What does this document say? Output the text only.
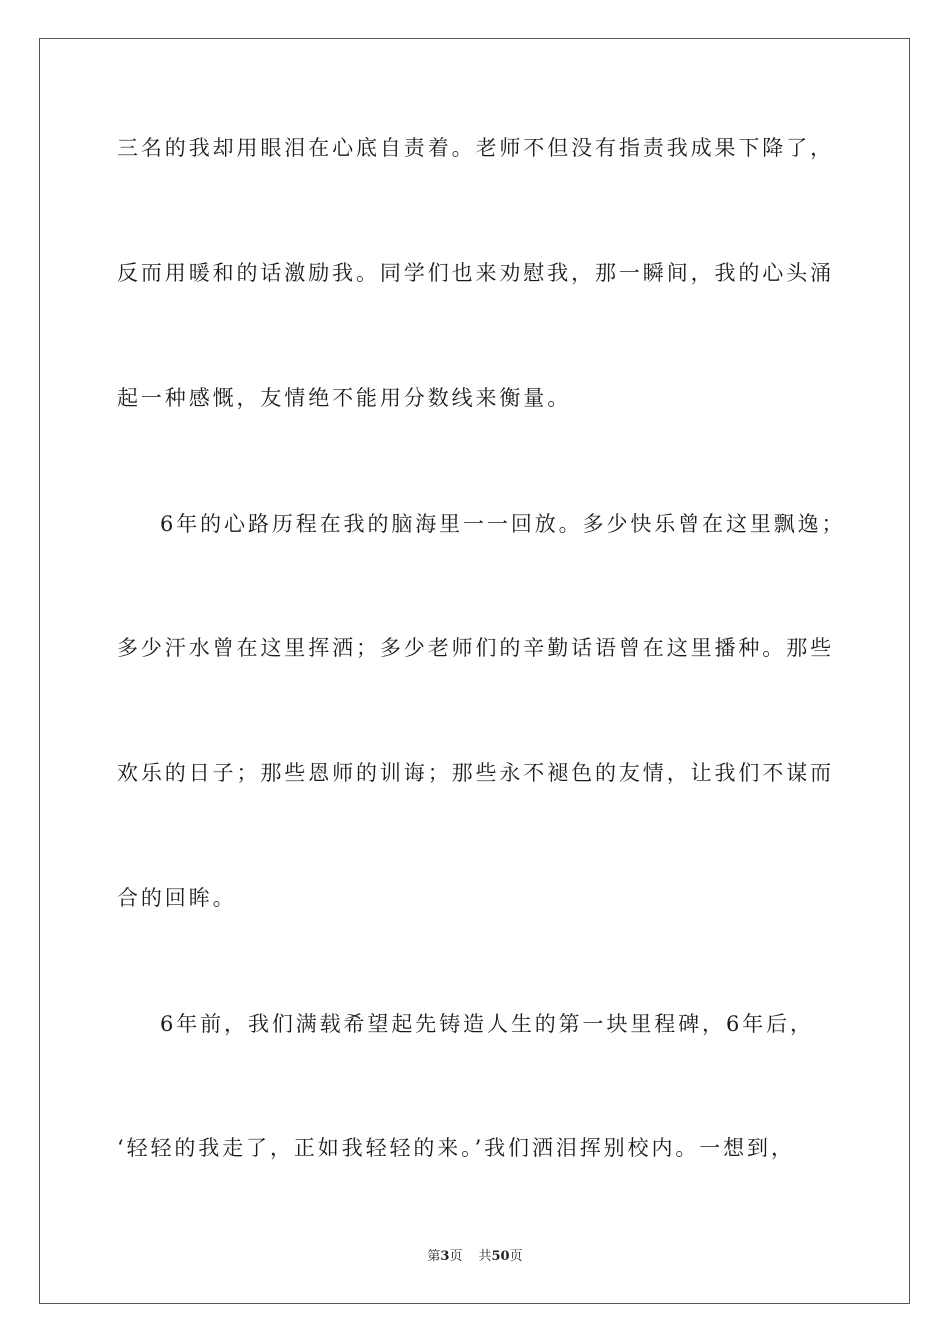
三名的我却用眼泪在心底自责着。老师不但没有指责我成果下降了，
反而用暖和的话激励我。同学们也来劝慰我，那一瞬间，我的心头涌
起一种感慨，友情绝不能用分数线来衡量。
6年的心路历程在我的脑海里一一回放。多少快乐曾在这里飘逸；
多少汗水曾在这里挥洒；多少老师们的辛勤话语曾在这里播种。那些
欢乐的日子；那些恩师的训诲；那些永不褪色的友情，让我们不谋而
合的回眸。
6年前，我们满载希望起先铸造人生的第一块里程碑，6年后，
‘轻轻的我走了，正如我轻轻的来。’我们洒泪挥别校内。一想到，
第3页 共50页
